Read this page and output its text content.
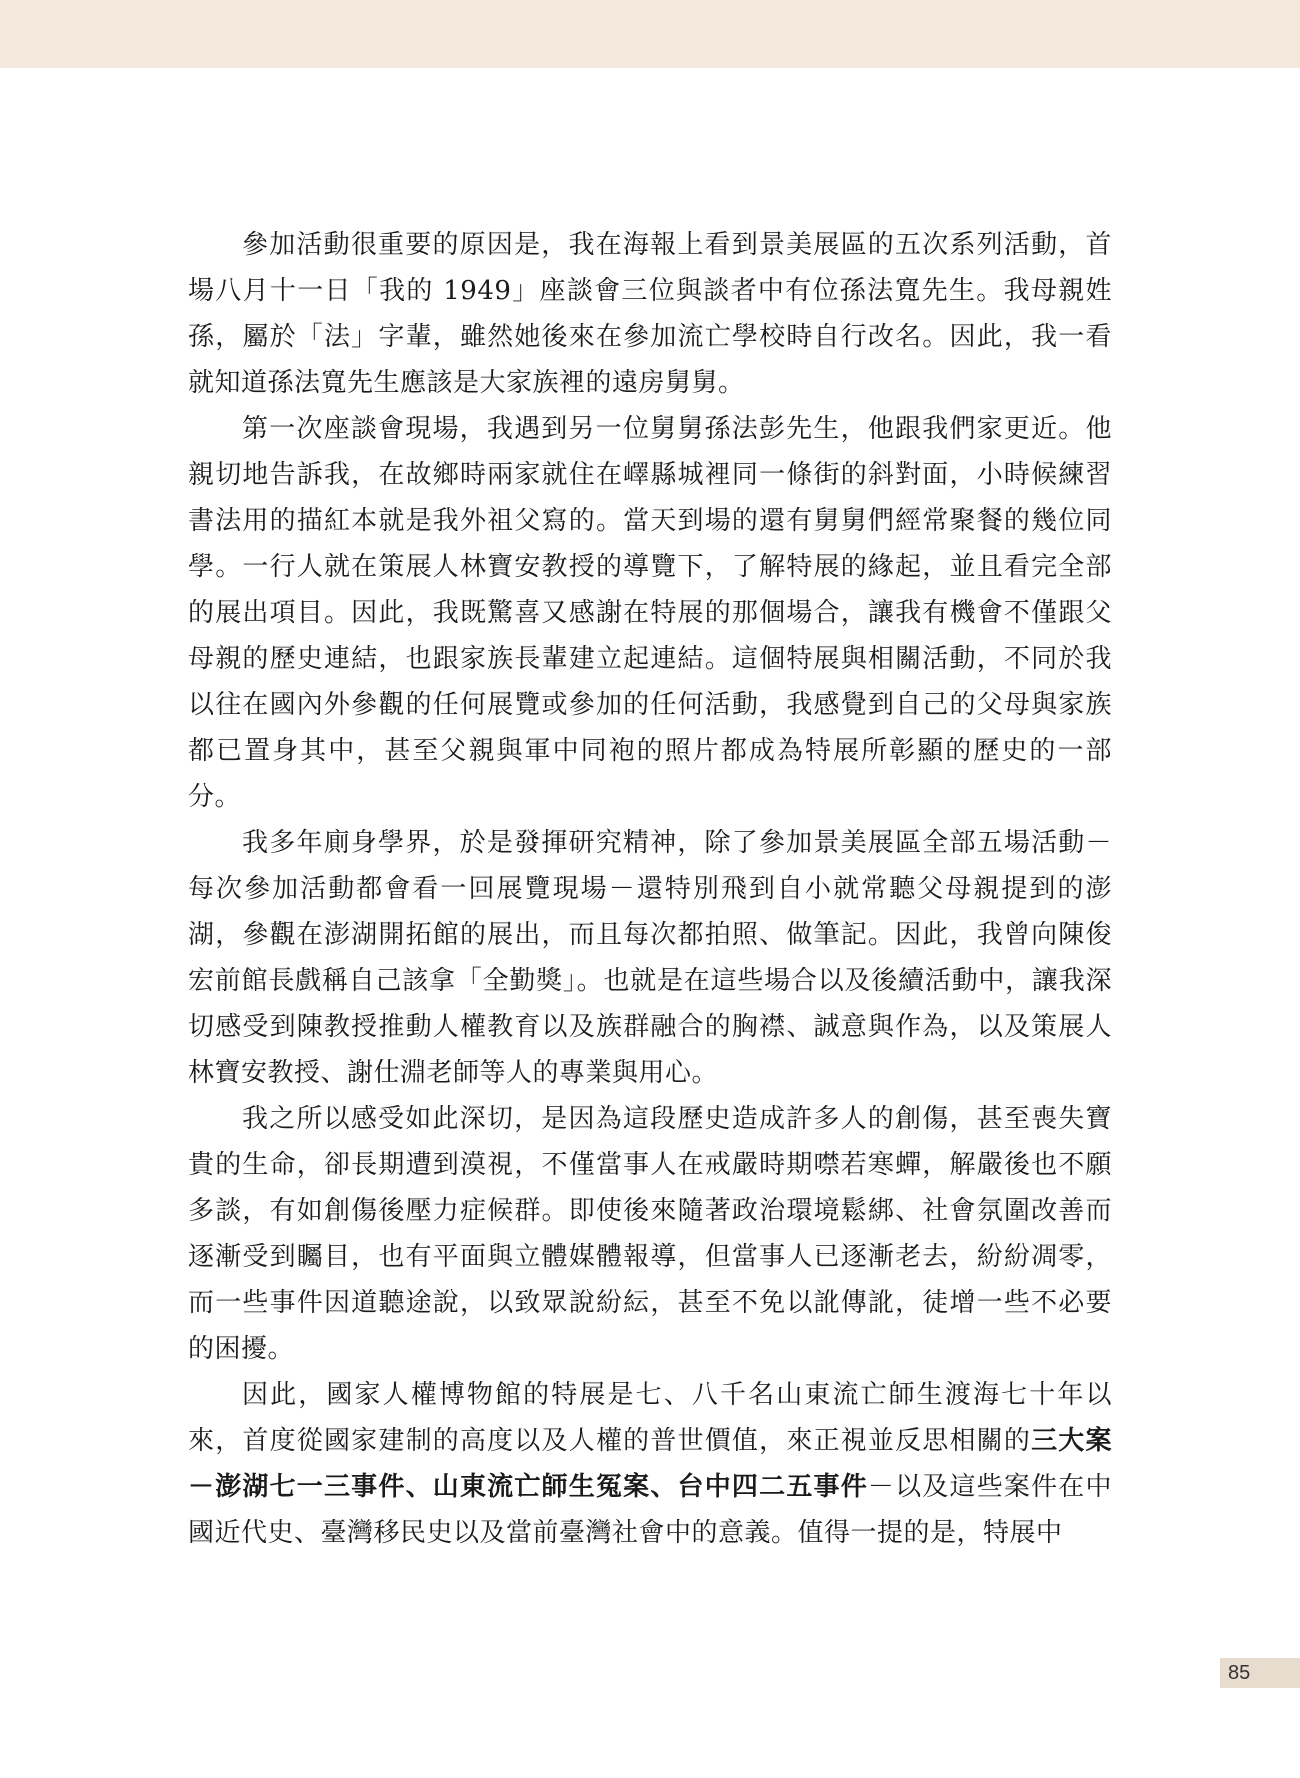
參加活動很重要的原因是，我在海報上看到景美展區的五次系列活動，首場八月十一日「我的 1949」座談會三位與談者中有位孫法寬先生。我母親姓孫，屬於「法」字輩，雖然她後來在參加流亡學校時自行改名。因此，我一看就知道孫法寬先生應該是大家族裡的遠房舅舅。

第一次座談會現場，我遇到另一位舅舅孫法彭先生，他跟我們家更近。他親切地告訴我，在故鄉時兩家就住在嶧縣城裡同一條街的斜對面，小時候練習書法用的描紅本就是我外祖父寫的。當天到場的還有舅舅們經常聚餐的幾位同學。一行人就在策展人林寶安教授的導覽下，了解特展的緣起，並且看完全部的展出項目。因此，我既驚喜又感謝在特展的那個場合，讓我有機會不僅跟父母親的歷史連結，也跟家族長輩建立起連結。這個特展與相關活動，不同於我以往在國內外參觀的任何展覽或參加的任何活動，我感覺到自己的父母與家族都已置身其中，甚至父親與軍中同袍的照片都成為特展所彰顯的歷史的一部分。

我多年廁身學界，於是發揮研究精神，除了參加景美展區全部五場活動－每次參加活動都會看一回展覽現場－還特別飛到自小就常聽父母親提到的澎湖，參觀在澎湖開拓館的展出，而且每次都拍照、做筆記。因此，我曾向陳俊宏前館長戲稱自己該拿「全勤獎」。也就是在這些場合以及後續活動中，讓我深切感受到陳教授推動人權教育以及族群融合的胸襟、誠意與作為，以及策展人林寶安教授、謝仕淵老師等人的專業與用心。

我之所以感受如此深切，是因為這段歷史造成許多人的創傷，甚至喪失寶貴的生命，卻長期遭到漠視，不僅當事人在戒嚴時期噤若寒蟬，解嚴後也不願多談，有如創傷後壓力症候群。即使後來隨著政治環境鬆綁、社會氛圍改善而逐漸受到矚目，也有平面與立體媒體報導，但當事人已逐漸老去，紛紛凋零，而一些事件因道聽途說，以致眾說紛紜，甚至不免以訛傳訛，徒增一些不必要的困擾。

因此，國家人權博物館的特展是七、八千名山東流亡師生渡海七十年以來，首度從國家建制的高度以及人權的普世價值，來正視並反思相關的三大案－澎湖七一三事件、山東流亡師生冤案、台中四二五事件－以及這些案件在中國近代史、臺灣移民史以及當前臺灣社會中的意義。值得一提的是，特展中

85
